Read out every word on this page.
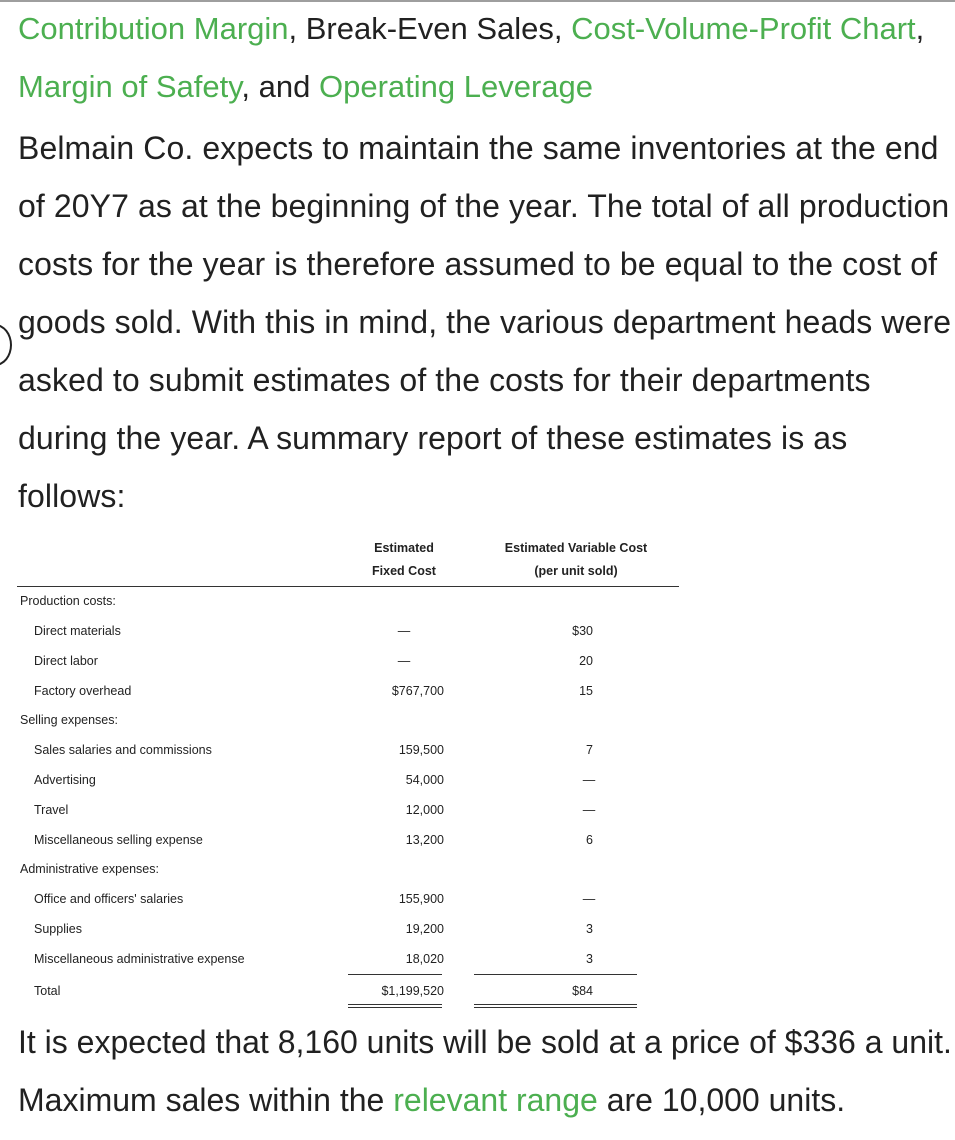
Contribution Margin, Break-Even Sales, Cost-Volume-Profit Chart, Margin of Safety, and Operating Leverage

Belmain Co. expects to maintain the same inventories at the end of 20Y7 as at the beginning of the year. The total of all production costs for the year is therefore assumed to be equal to the cost of goods sold. With this in mind, the various department heads were asked to submit estimates of the costs for their departments during the year. A summary report of these estimates is as follows:

Estimated
Fixed Cost
Estimated Variable Cost
(per unit sold)
Production costs:
Selling expenses:
Administrative expenses:
Direct materials
Direct labor
Factory overhead
Sales salaries and commissions
Advertising
Travel
Miscellaneous selling expense
Office and officers' salaries
Supplies
Miscellaneous administrative expense
Total
—
—
$767,700
159,500
54,000
12,000
13,200
155,900
19,200
18,020
$1,199,520
$30
20
15
7
—
—
6
—
3
3
$84

It is expected that 8,160 units will be sold at a price of $336 a unit. Maximum sales within the relevant range are 10,000 units.
